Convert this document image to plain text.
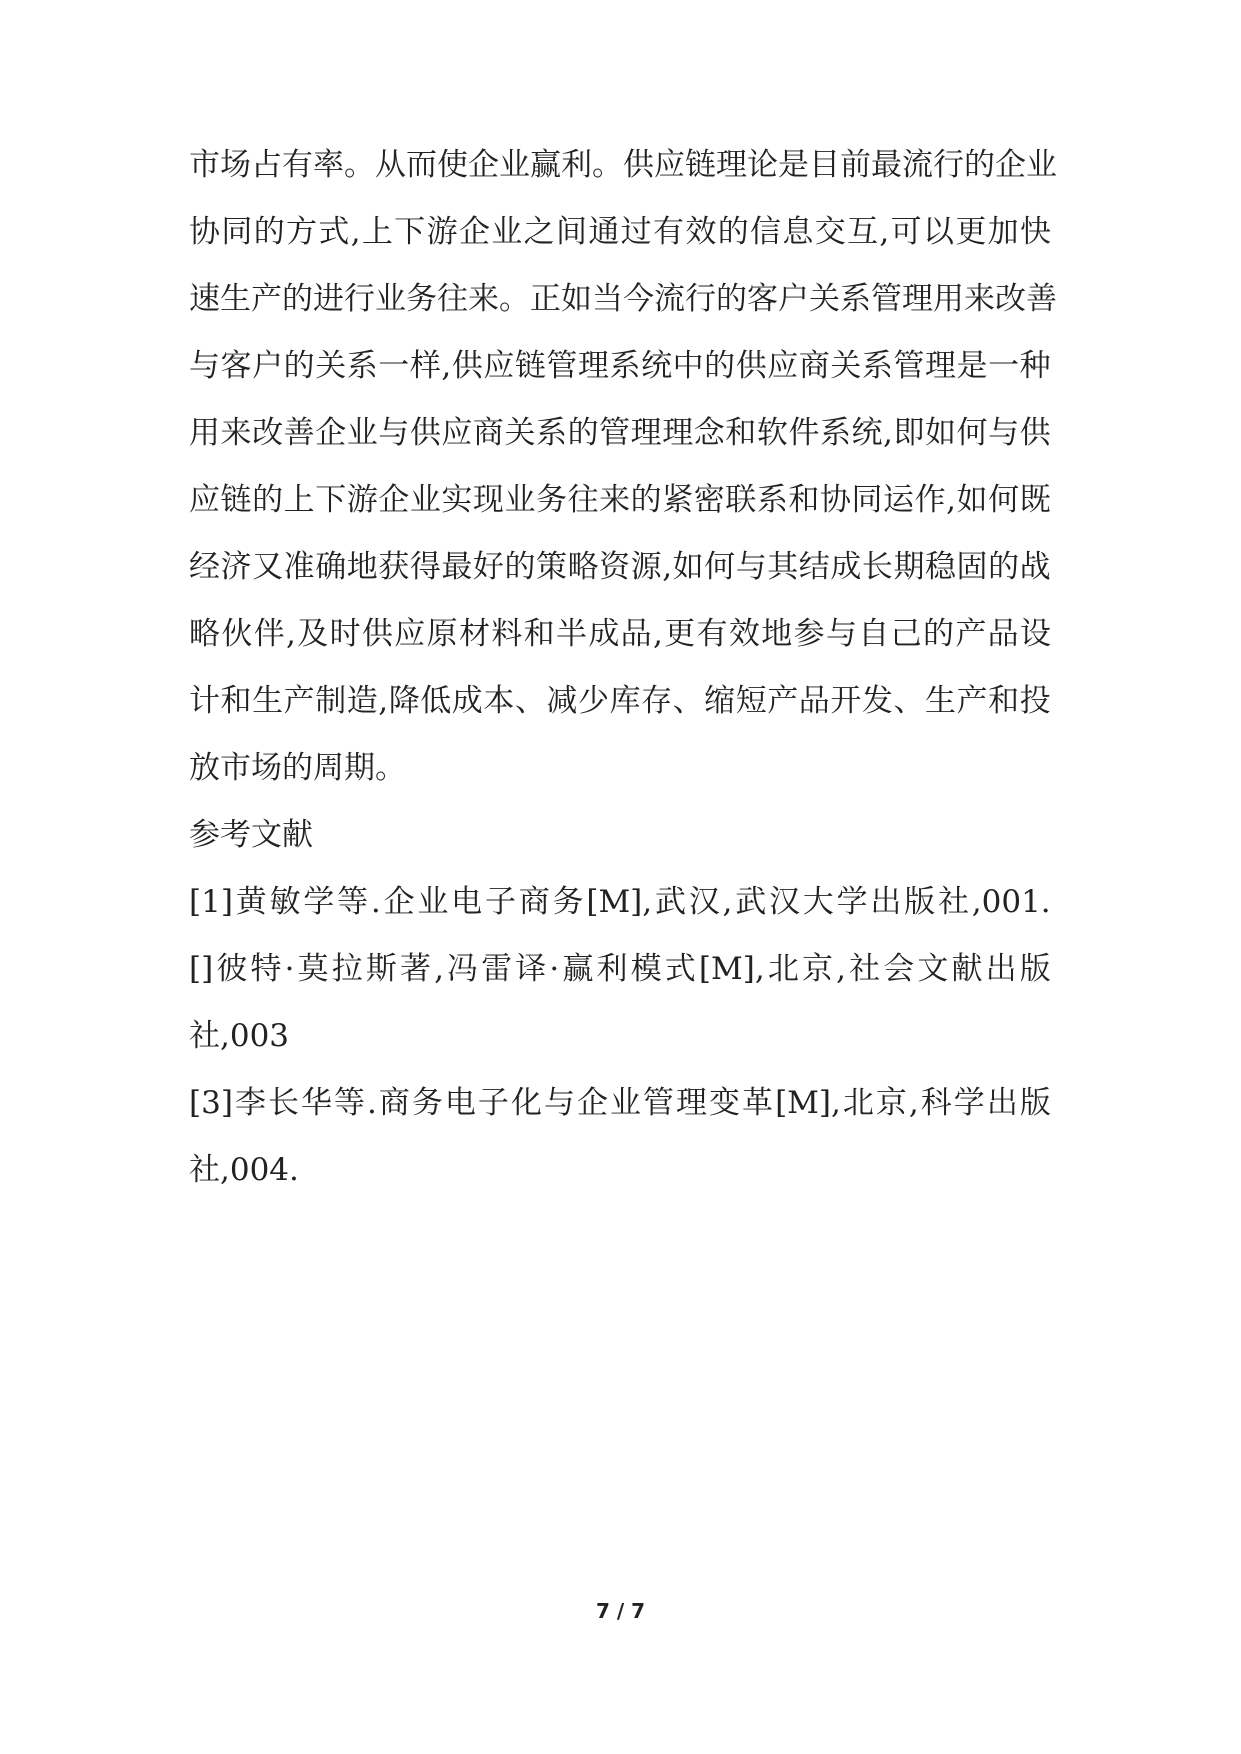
市 场 占 有 率 。 从 而 使 企 业 赢 利 。 供 应 链 理 论 是 目 前 最 流 行 的 企 业
协 同 的 方 式 , 上 下 游 企 业 之 间 通 过 有 效 的 信 息 交 互 , 可 以 更 加 快
速 生 产 的 进 行 业 务 往 来 。 正 如 当 今 流 行 的 客 户 关 系 管 理 用 来 改 善
与 客 户 的 关 系 一 样 , 供 应 链 管 理 系 统 中 的 供 应 商 关 系 管 理 是 一 种
用 来 改 善 企 业 与 供 应 商 关 系 的 管 理 理 念 和 软 件 系 统 , 即 如 何 与 供
应 链 的 上 下 游 企 业 实 现 业 务 往 来 的 紧 密 联 系 和 协 同 运 作 , 如 何 既
经 济 又 准 确 地 获 得 最 好 的 策 略 资 源 , 如 何 与 其 结 成 长 期 稳 固 的 战
略 伙 伴 , 及 时 供 应 原 材 料 和 半 成 品 , 更 有 效 地 参 与 自 己 的 产 品 设
计 和 生 产 制 造 , 降 低 成 本 、 减 少 库 存 、 缩 短 产 品 开 发 、 生 产 和 投
放市场的周期。
参考文献
[1] 黄 敏 学 等 . 企 业 电 子 商 务 [M], 武 汉 , 武 汉 大 学 出 版 社 ,001.
[] 彼 特 · 莫 拉 斯 著 , 冯 雷 译 · 赢 利 模 式 [M], 北 京 , 社 会 文 献 出 版
社,003
[3] 李 长 华 等 . 商 务 电 子 化 与 企 业 管 理 变 革 [M], 北 京 , 科 学 出 版
社,004.
7 / 7
